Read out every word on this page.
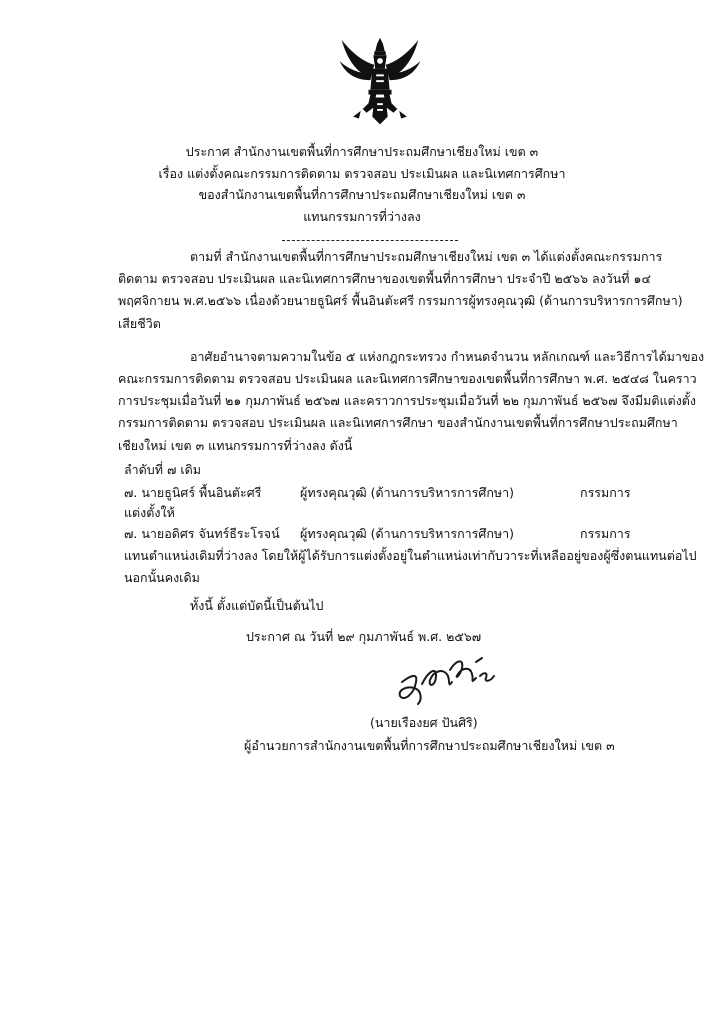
ประกาศ สำนักงานเขตพื้นที่การศึกษาประถมศึกษาเชียงใหม่ เขต ๓
เรื่อง แต่งตั้งคณะกรรมการติดตาม ตรวจสอบ ประเมินผล และนิเทศการศึกษา
ของสำนักงานเขตพื้นที่การศึกษาประถมศึกษาเชียงใหม่ เขต ๓
แทนกรรมการที่ว่างลง
ตามที่ สำนักงานเขตพื้นที่การศึกษาประถมศึกษาเชียงใหม่ เขต ๓ ได้แต่งตั้งคณะกรรมการ
ติดตาม ตรวจสอบ ประเมินผล และนิเทศการศึกษาของเขตพื้นที่การศึกษา ประจำปี ๒๕๖๖ ลงวันที่ ๑๔
พฤศจิกายน พ.ศ.๒๕๖๖ เนื่องด้วยนายธูนิศร์ พื้นอินตัะศรี กรรมการผู้ทรงคุณวุฒิ (ด้านการบริหารการศึกษา)
เสียชีวิต
อาศัยอำนาจตามความในข้อ ๕ แห่งกฎกระทรวง กำหนดจำนวน หลักเกณฑ์ และวิธีการได้มาของ
คณะกรรมการติดตาม ตรวจสอบ ประเมินผล และนิเทศการศึกษาของเขตพื้นที่การศึกษา พ.ศ. ๒๕๔๘ ในคราว
การประชุมเมื่อวันที่ ๒๑ กุมภาพันธ์ ๒๕๖๗ และคราวการประชุมเมื่อวันที่ ๒๒ กุมภาพันธ์ ๒๕๖๗ จึงมีมติแต่งตั้ง
กรรมการติดตาม ตรวจสอบ ประเมินผล และนิเทศการศึกษา ของสำนักงานเขตพื้นที่การศึกษาประถมศึกษา
เชียงใหม่ เขต ๓ แทนกรรมการที่ว่างลง ดังนี้
ลำดับที่ ๗ เดิม
๗. นายธูนิศร์ พื้นอินตัะศรี	ผู้ทรงคุณวุฒิ (ด้านการบริหารการศึกษา)	กรรมการ
แต่งตั้งให้
๗. นายอดิศร จันทร์ธีระโรจน์ ผู้ทรงคุณวุฒิ (ด้านการบริหารการศึกษา)	กรรมการ
แทนตำแหน่งเดิมที่ว่างลง โดยให้ผู้ได้รับการแต่งตั้งอยู่ในตำแหน่งเท่ากับวาระที่เหลืออยู่ของผู้ซึ่งตนแทนต่อไป
นอกนั้นคงเดิม
ทั้งนี้ ตั้งแต่บัดนี้เป็นต้นไป
ประกาศ ณ วันที่ ๒๙ กุมภาพันธ์ พ.ศ. ๒๕๖๗
(นายเรืองยศ ปันศิริ)
ผู้อำนวยการสำนักงานเขตพื้นที่การศึกษาประถมศึกษาเชียงใหม่ เขต ๓
